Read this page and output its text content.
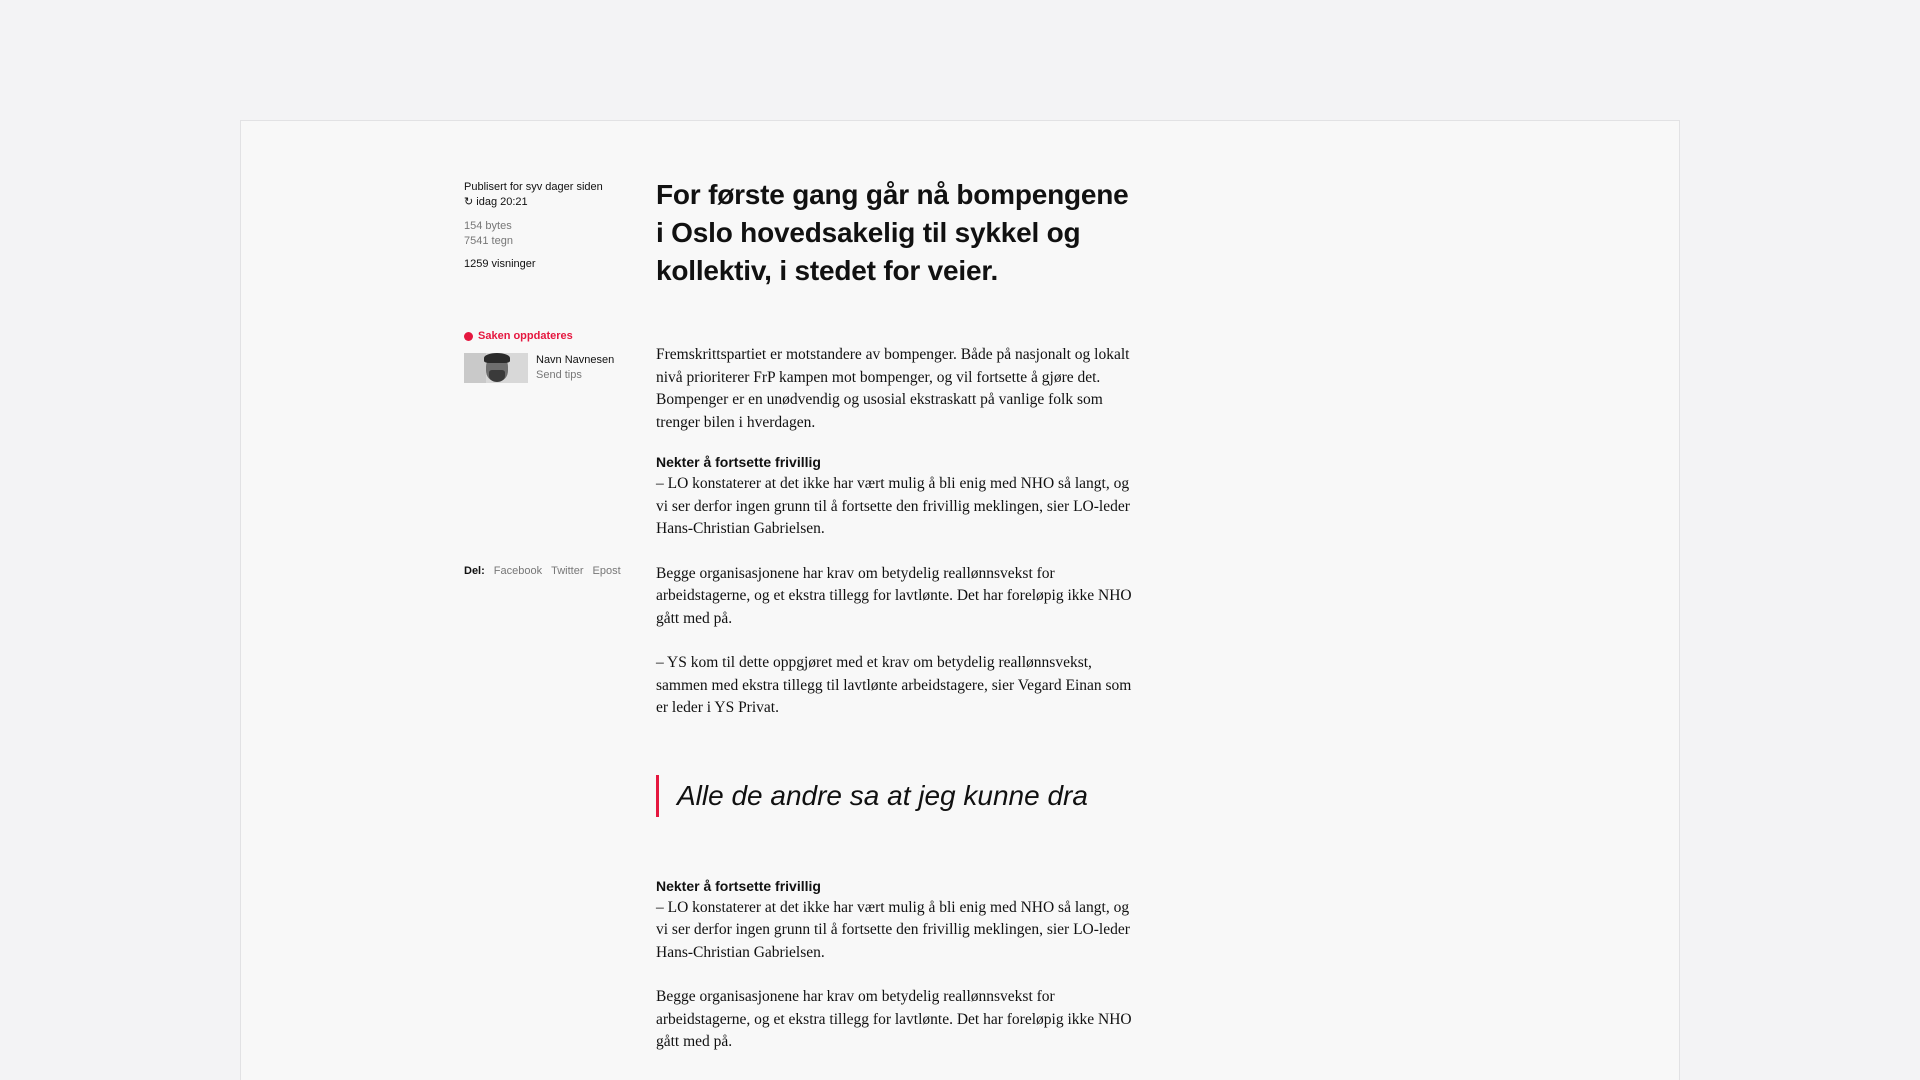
Publisert for syv dager siden
↻ idag 20:21
154 bytes
7541 tegn
1259 visninger
Saken oppdateres
Navn Navnesen
Send tips
Del: Facebook Twitter Epost
For første gang går nå bompengene i Oslo hovedsakelig til sykkel og kollektiv, i stedet for veier.

Fremskrittspartiet er motstandere av bompenger. Både på nasjonalt og lokalt nivå prioriterer FrP kampen mot bompenger, og vil fortsette å gjøre det. Bompenger er en unødvendig og usosial ekstraskatt på vanlige folk som trenger bilen i hverdagen.

Nekter å fortsette frivillig

– LO konstaterer at det ikke har vært mulig å bli enig med NHO så langt, og vi ser derfor ingen grunn til å fortsette den frivillig meklingen, sier LO-leder Hans-Christian Gabrielsen.

Begge organisasjonene har krav om betydelig reallønnsvekst for arbeidstagerne, og et ekstra tillegg for lavtlønte. Det har foreløpig ikke NHO gått med på.

– YS kom til dette oppgjøret med et krav om betydelig reallønnsvekst, sammen med ekstra tillegg til lavtlønte arbeidstagere, sier Vegard Einan som er leder i YS Privat.

Alle de andre sa at jeg kunne dra
Nekter å fortsette frivillig

– LO konstaterer at det ikke har vært mulig å bli enig med NHO så langt, og vi ser derfor ingen grunn til å fortsette den frivillig meklingen, sier LO-leder Hans-Christian Gabrielsen.

Begge organisasjonene har krav om betydelig reallønnsvekst for arbeidstagerne, og et ekstra tillegg for lavtlønte. Det har foreløpig ikke NHO gått med på.
